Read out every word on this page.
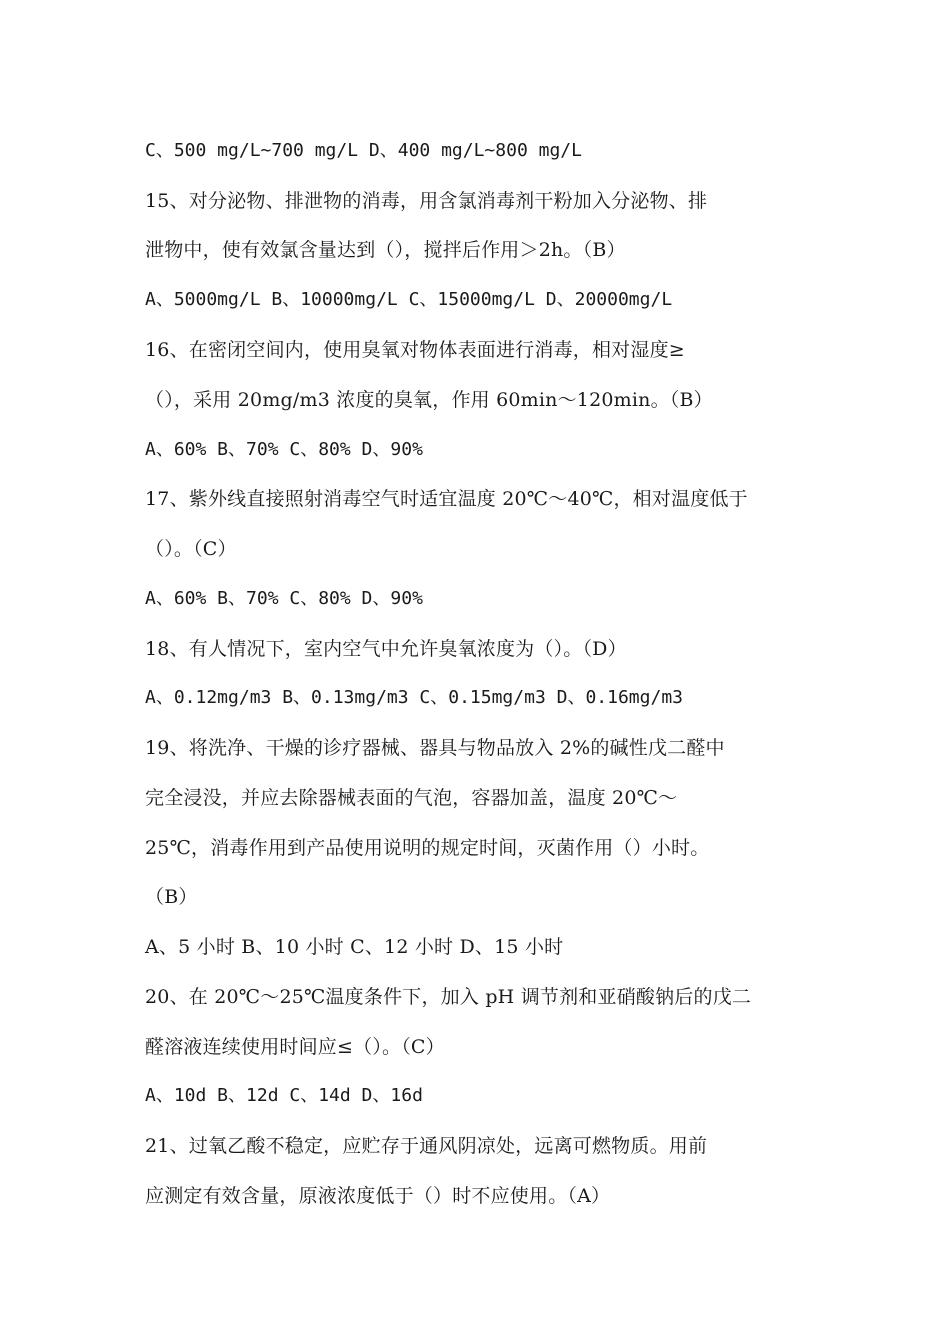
C、500 mg/L~700 mg/L D、400 mg/L~800 mg/L
15、对分泌物、排泄物的消毒，用含氯消毒剂干粉加入分泌物、排
泄物中，使有效氯含量达到（），搅拌后作用＞2h。（B）
A、5000mg/L B、10000mg/L C、15000mg/L D、20000mg/L
16、在密闭空间内，使用臭氧对物体表面进行消毒，相对湿度≥
（），采用 20mg/m3 浓度的臭氧，作用 60min～120min。（B）
A、60% B、70% C、80% D、90%
17、紫外线直接照射消毒空气时适宜温度 20℃～40℃，相对温度低于
（）。（C）
A、60% B、70% C、80% D、90%
18、有人情况下，室内空气中允许臭氧浓度为（）。（D）
A、0.12mg/m3 B、0.13mg/m3 C、0.15mg/m3 D、0.16mg/m3
19、将洗净、干燥的诊疗器械、器具与物品放入 2%的碱性戊二醛中
完全浸没，并应去除器械表面的气泡，容器加盖，温度 20℃～
25℃，消毒作用到产品使用说明的规定时间，灭菌作用（）小时。
（B）
A、5 小时 B、10 小时 C、12 小时 D、15 小时
20、在 20℃～25℃温度条件下，加入 pH 调节剂和亚硝酸钠后的戊二
醛溶液连续使用时间应≤（）。（C）
A、10d B、12d C、14d D、16d
21、过氧乙酸不稳定，应贮存于通风阴凉处，远离可燃物质。用前
应测定有效含量，原液浓度低于（）时不应使用。（A）
